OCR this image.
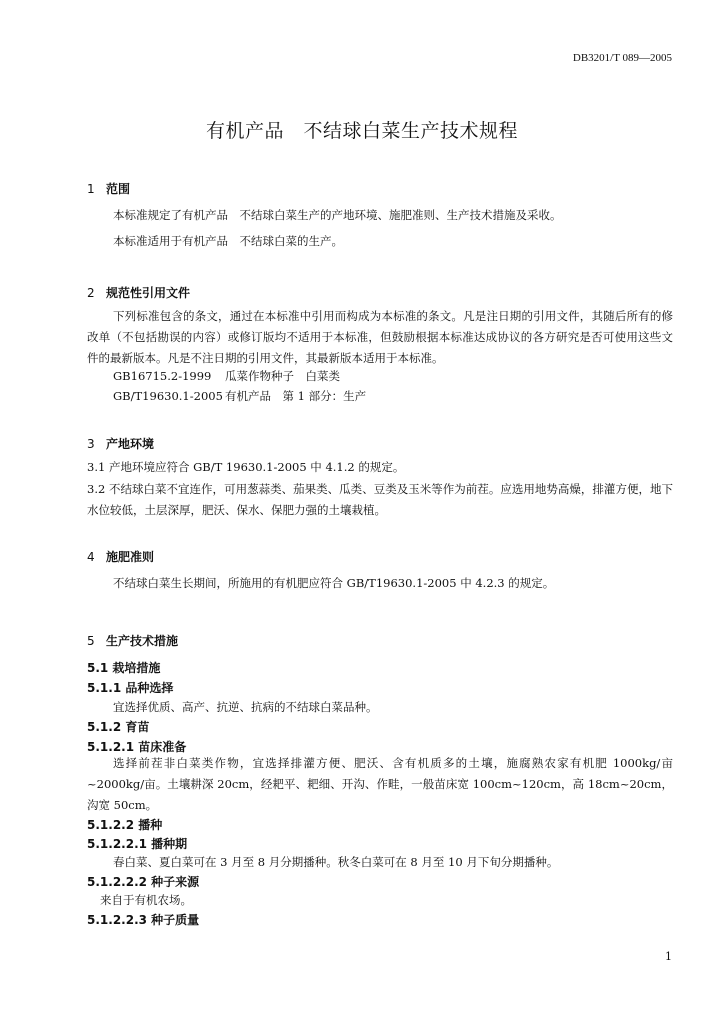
DB3201/T 089—2005
有机产品　不结球白菜生产技术规程
1 范围
本标准规定了有机产品　不结球白菜生产的产地环境、施肥准则、生产技术措施及采收。
本标准适用于有机产品　不结球白菜的生产。
2 规范性引用文件
下列标准包含的条文，通过在本标准中引用而构成为本标准的条文。凡是注日期的引用文件，其随后所有的修改单（不包括勘误的内容）或修订版均不适用于本标准，但鼓励根据本标准达成协议的各方研究是否可使用这些文件的最新版本。凡是不注日期的引用文件，其最新版本适用于本标准。
GB16715.2-1999 瓜菜作物种子　白菜类
GB/T19630.1-2005 有机产品　第 1 部分：生产
3 产地环境
3.1 产地环境应符合 GB/T 19630.1-2005 中 4.1.2 的规定。
3.2 不结球白菜不宜连作，可用葱蒜类、茄果类、瓜类、豆类及玉米等作为前茬。应选用地势高燥，排灌方便，地下水位较低，土层深厚，肥沃、保水、保肥力强的土壤栽植。
4 施肥准则
不结球白菜生长期间，所施用的有机肥应符合 GB/T19630.1-2005 中 4.2.3 的规定。
5 生产技术措施
5.1 栽培措施
5.1.1 品种选择
宜选择优质、高产、抗逆、抗病的不结球白菜品种。
5.1.2 育苗
5.1.2.1 苗床准备
选择前茬非白菜类作物，宜选择排灌方便、肥沃、含有机质多的土壤，施腐熟农家有机肥 1000kg/亩~2000kg/亩。土壤耕深 20cm，经耙平、耙细、开沟、作畦，一般苗床宽 100cm~120cm，高 18cm~20cm，沟宽 50cm。
5.1.2.2 播种
5.1.2.2.1 播种期
春白菜、夏白菜可在 3 月至 8 月分期播种。秋冬白菜可在 8 月至 10 月下旬分期播种。
5.1.2.2.2 种子来源
来自于有机农场。
5.1.2.2.3 种子质量
1
